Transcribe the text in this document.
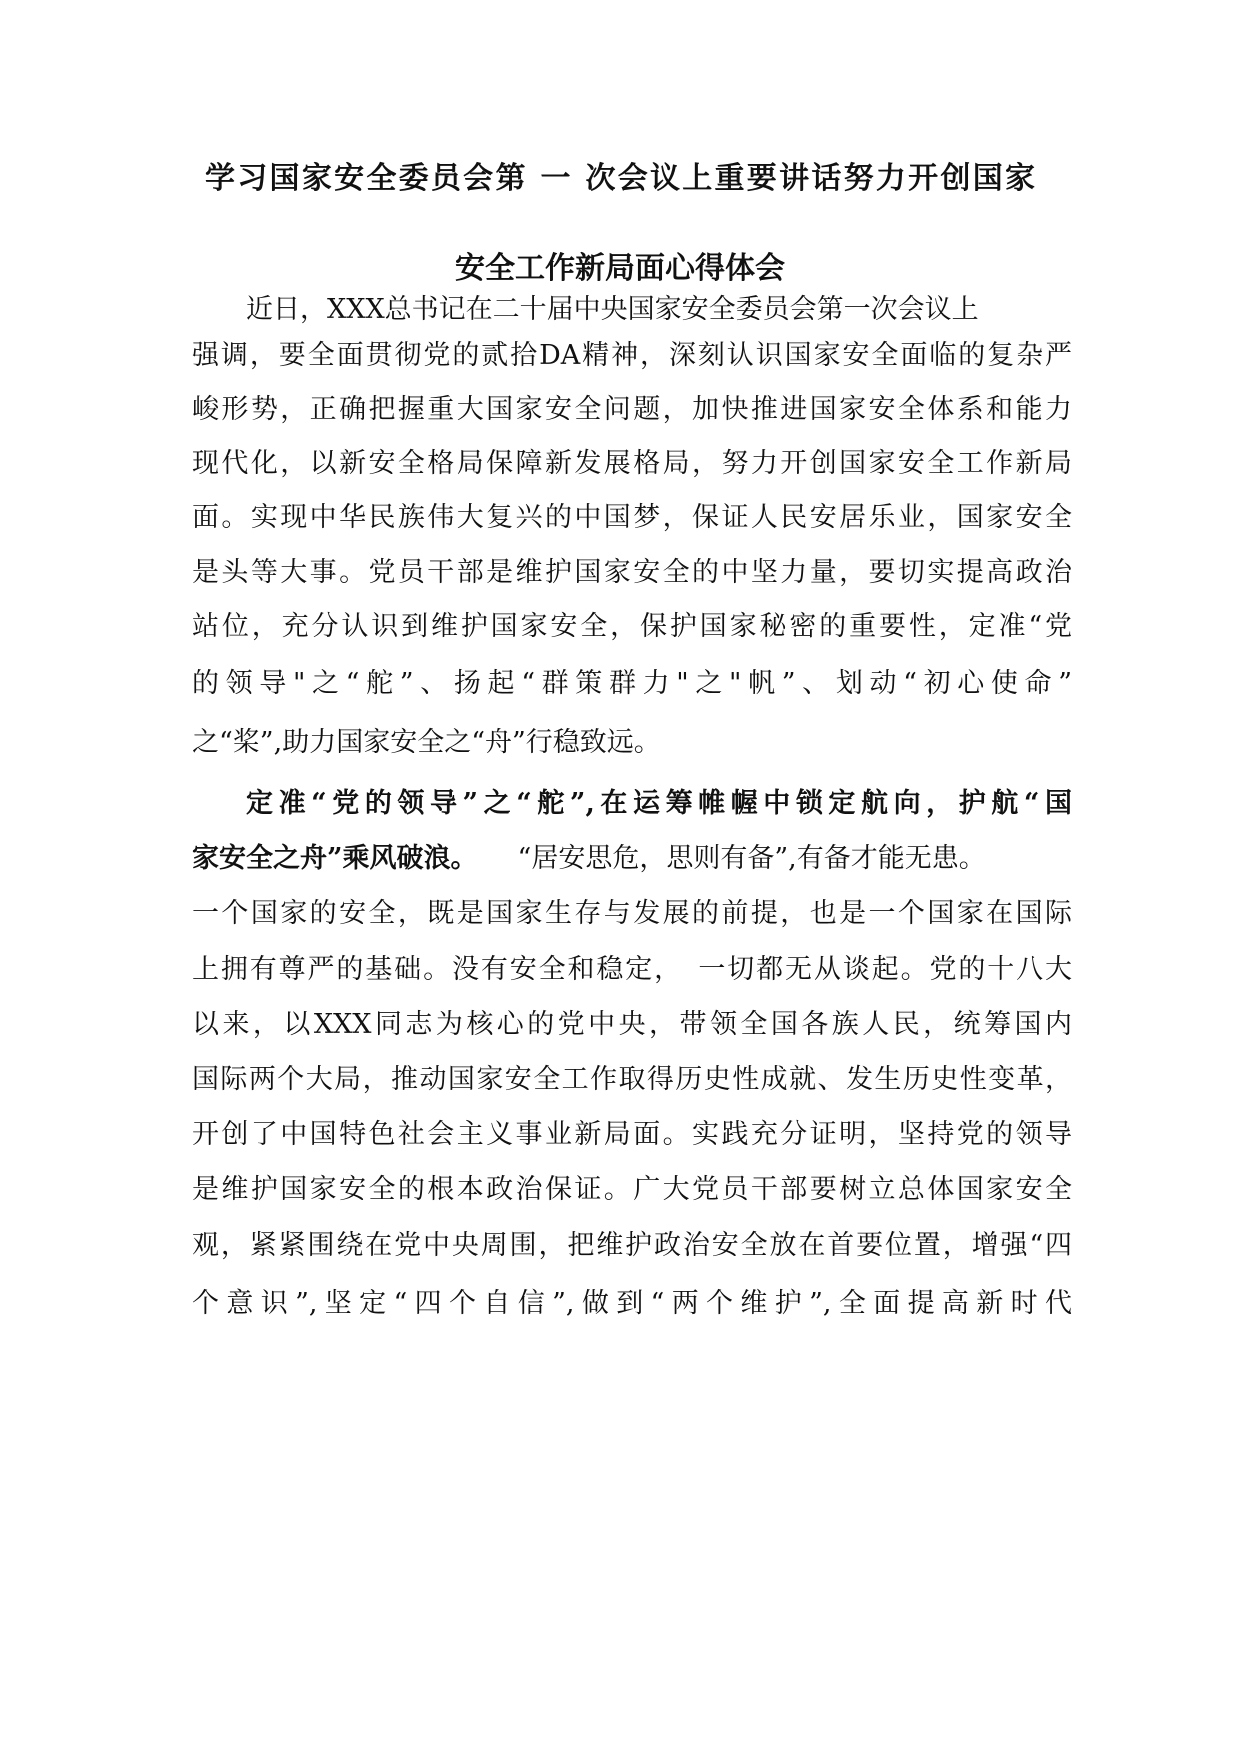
学习国家安全委员会第 一 次会议上重要讲话努力开创国家
安全工作新局面心得体会
近日，XXX总书记在二十届中央国家安全委员会第一次会议上
强调，要全面贯彻党的贰拾DA精神，深刻认识国家安全面临的复杂严
峻形势，正确把握重大国家安全问题，加快推进国家安全体系和能力
现代化，以新安全格局保障新发展格局，努力开创国家安全工作新局
面。实现中华民族伟大复兴的中国梦，保证人民安居乐业，国家安全
是头等大事。党员干部是维护国家安全的中坚力量，要切实提高政治
站位，充分认识到维护国家安全，保护国家秘密的重要性，定准“党
的领导"之“舵”、扬起“群策群力"之"帆”、划动“初心使命”
之“桨”,助力国家安全之“舟”行稳致远。
定准“党的领导”之“舵”,在运筹帷幄中锁定航向，护航“国
家安全之舟”乘风破浪。 “居安思危，思则有备”,有备才能无患。
一个国家的安全，既是国家生存与发展的前提，也是一个国家在国际
上拥有尊严的基础。没有安全和稳定，　一切都无从谈起。党的十八大
以来，以XXX同志为核心的党中央，带领全国各族人民，统筹国内
国际两个大局，推动国家安全工作取得历史性成就、发生历史性变革，
开创了中国特色社会主义事业新局面。实践充分证明，坚持党的领导
是维护国家安全的根本政治保证。广大党员干部要树立总体国家安全
观，紧紧围绕在党中央周围，把维护政治安全放在首要位置，增强“四
个意识”,坚定“四个自信”,做到“两个维护”,全面提高新时代
